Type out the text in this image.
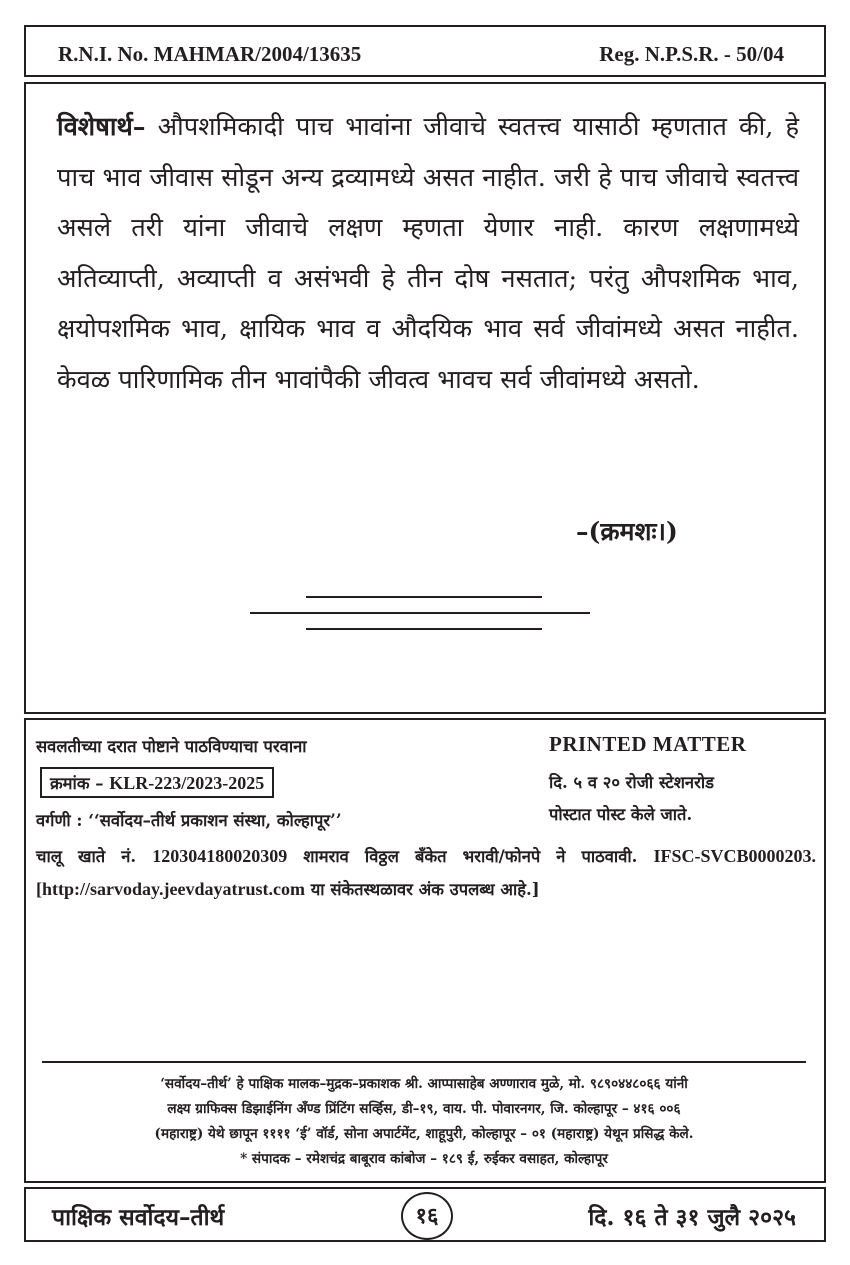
R.N.I. No. MAHMAR/2004/13635	Reg. N.P.S.R. - 50/04

विशेषार्थ– औपशमिकादी पाच भावांना जीवाचे स्वतत्त्व यासाठी म्हणतात की, हे पाच भाव जीवास सोडून अन्य द्रव्यामध्ये असत नाहीत. जरी हे पाच जीवाचे स्वतत्त्व असले तरी यांना जीवाचे लक्षण म्हणता येणार नाही. कारण लक्षणामध्ये अतिव्याप्ती, अव्याप्ती व असंभवी हे तीन दोष नसतात; परंतु औपशमिक भाव, क्षयोपशमिक भाव, क्षायिक भाव व औदयिक भाव सर्व जीवांमध्ये असत नाहीत. केवळ पारिणामिक तीन भावांपैकी जीवत्व भावच सर्व जीवांमध्ये असतो.

–(क्रमशः।)
सवलतीच्या दरात पोष्टाने पाठविण्याचा परवाना
क्रमांक – KLR-223/2023-2025
वर्गणी : ‘‘सर्वोदय–तीर्थ प्रकाशन संस्था, कोल्हापूर’’
PRINTED MATTER
दि. ५ व २० रोजी स्टेशनरोड
पोस्टात पोस्ट केले जाते.

चालू खाते नं. 120304180020309 शामराव विठ्ठल बँकेत भरावी/फोनपे ने पाठवावी. IFSC-SVCB0000203. [http://sarvoday.jeevdayatrust.com या संकेतस्थळावर अंक उपलब्ध आहे.]

‘सर्वोदय–तीर्थ’ हे पाक्षिक मालक–मुद्रक–प्रकाशक श्री. आप्पासाहेब अण्णाराव मुळे, मो. ९८९०४४८०६६ यांनी
लक्ष्य ग्राफिक्स डिझाईनिंग अँण्ड प्रिंटिंग सर्व्हिस, डी–१९, वाय. पी. पोवारनगर, जि. कोल्हापूर – ४१६ ००६
(महाराष्ट्र) येथे छापून ११११ ‘ई’ वॉर्ड, सोना अपार्टमेंट, शाहूपुरी, कोल्हापूर – ०१ (महाराष्ट्र) येथून प्रसिद्ध केले.
* संपादक – रमेशचंद्र बाबूराव कांबोज – १८९ ई, रुईकर वसाहत, कोल्हापूर
पाक्षिक सर्वोदय–तीर्थ	१६	दि. १६ ते ३१ जुलै २०२५
